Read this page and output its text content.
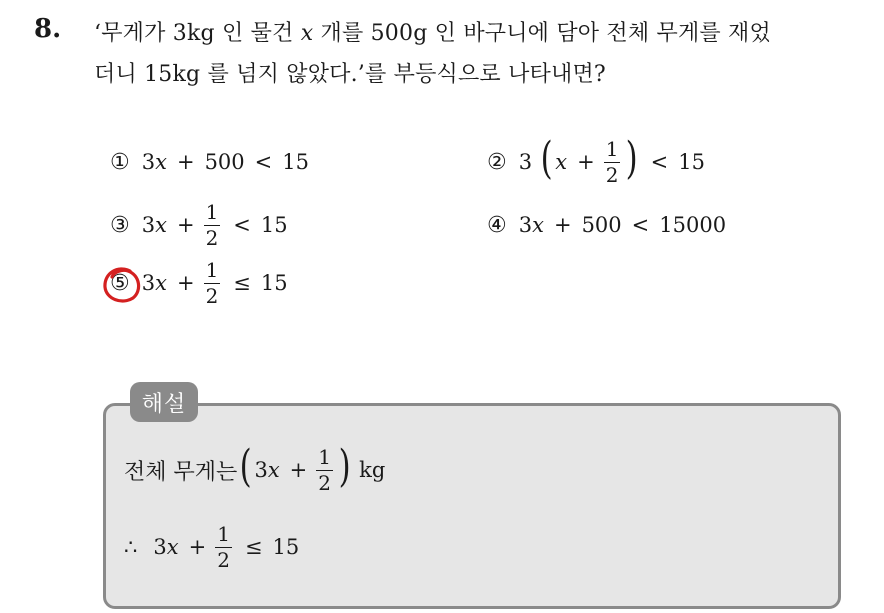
8. ‘무게가 3kg 인 물건 x 개를 500g 인 바구니에 담아 전체 무게를 재었
더니 15kg 를 넘지 않았다.’를 부등식으로 나타내면?
① 3 x + 500 < 15	② 3 ( $x + \frac{1}{2}$ ) < 15
③ 3 $x + \frac{1}{2} < 15$	④ 3 x + 500 < 15000
⑤ 3 $x + \frac{1}{2} \le 15$
해설
전체 무게는 ( 3 $x + \frac{1}{2}$ ) kg
∴ 3 $x + \frac{1}{2} \le 15$
